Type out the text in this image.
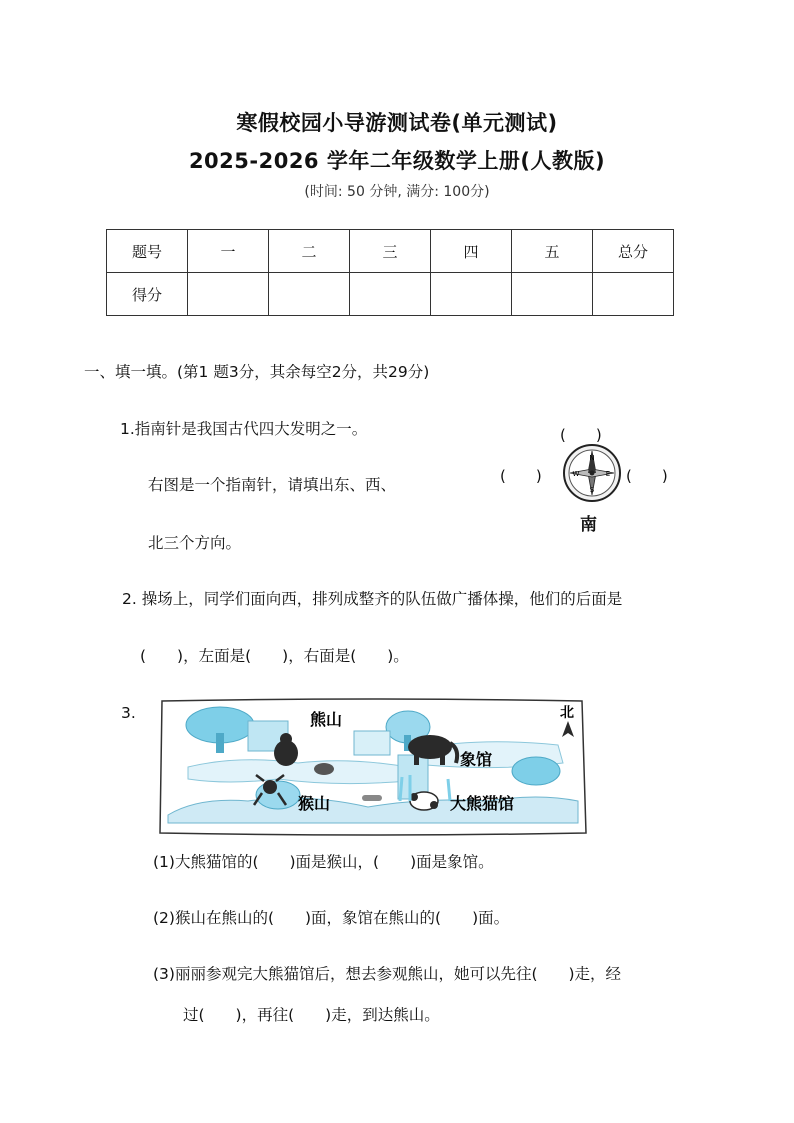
寒假校园小导游测试卷(单元测试)
2025-2026 学年二年级数学上册(人教版)
(时间: 50 分钟, 满分: 100分)
题号	一	二	三	四	五	总分
得分						
一、填一填。(第1 题3分，其余每空2分，共29分)
1.指南针是我国古代四大发明之一。
右图是一个指南针，请填出东、西、
北三个方向。
(　　)
(　　)	(　　)
N
E
S
W
南
2. 操场上，同学们面向西，排列成整齐的队伍做广播体操，他们的后面是
(　　)，左面是(　　)，右面是(　　)。
3.	熊山
象馆
猴山	大熊猫馆
北
(1)大熊猫馆的(　　)面是猴山，(　　)面是象馆。
(2)猴山在熊山的(　　)面，象馆在熊山的(　　)面。
(3)丽丽参观完大熊猫馆后，想去参观熊山，她可以先往(　　)走，经
过(　　)，再往(　　)走，到达熊山。
